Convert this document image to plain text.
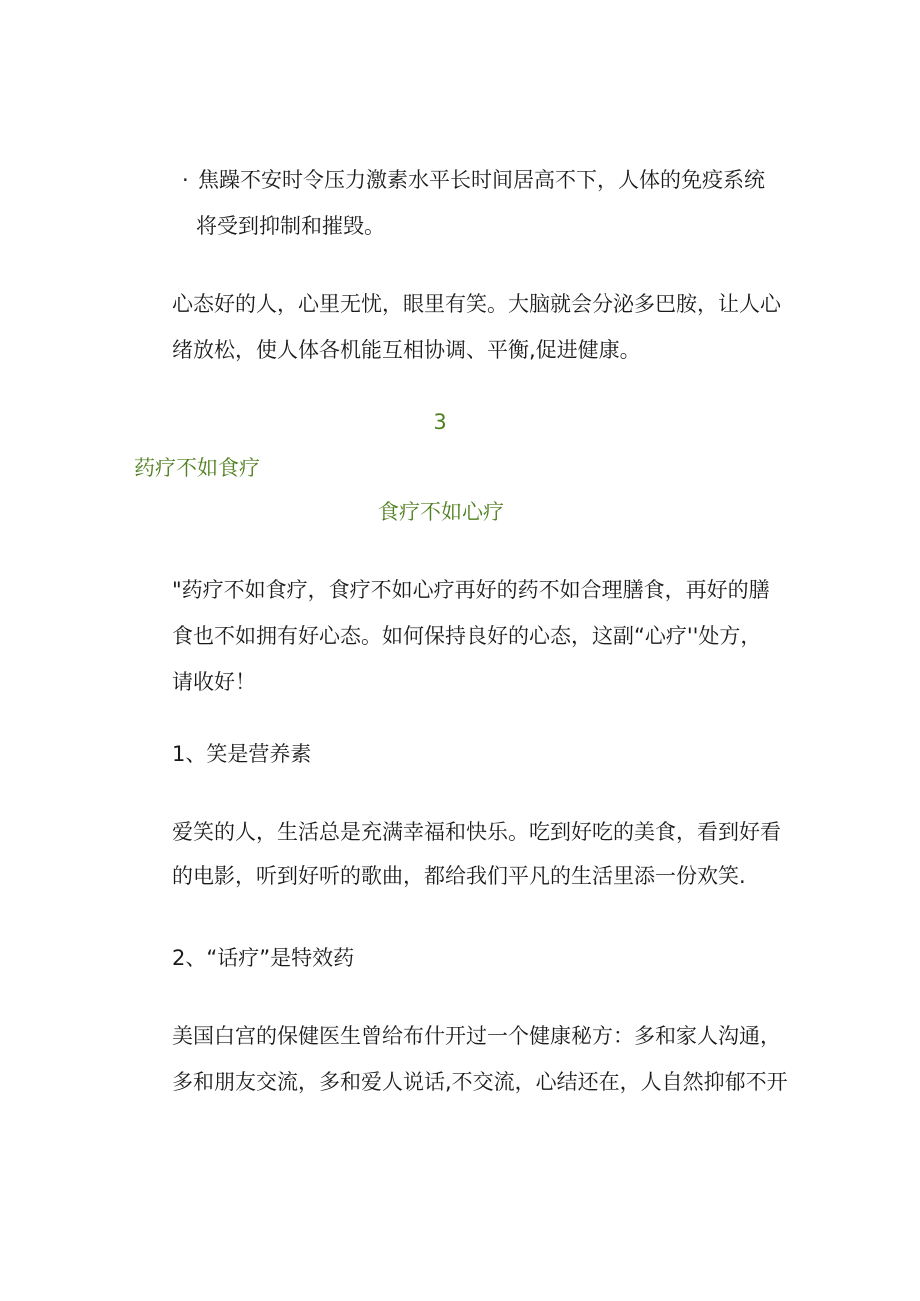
· 焦躁不安时令压力激素水平长时间居高不下，人体的免疫系统
将受到抑制和摧毁。
心态好的人，心里无忧，眼里有笑。大脑就会分泌多巴胺，让人心
绪放松，使人体各机能互相协调、平衡,促进健康。
3
药疗不如食疗
食疗不如心疗
"药疗不如食疗，食疗不如心疗再好的药不如合理膳食，再好的膳
食也不如拥有好心态。如何保持良好的心态，这副“心疗''处方，
请收好！
1、笑是营养素
爱笑的人，生活总是充满幸福和快乐。吃到好吃的美食，看到好看
的电影，听到好听的歌曲，都给我们平凡的生活里添一份欢笑.
2、“话疗”是特效药
美国白宫的保健医生曾给布什开过一个健康秘方：多和家人沟通，
多和朋友交流，多和爱人说话,不交流，心结还在，人自然抑郁不开
